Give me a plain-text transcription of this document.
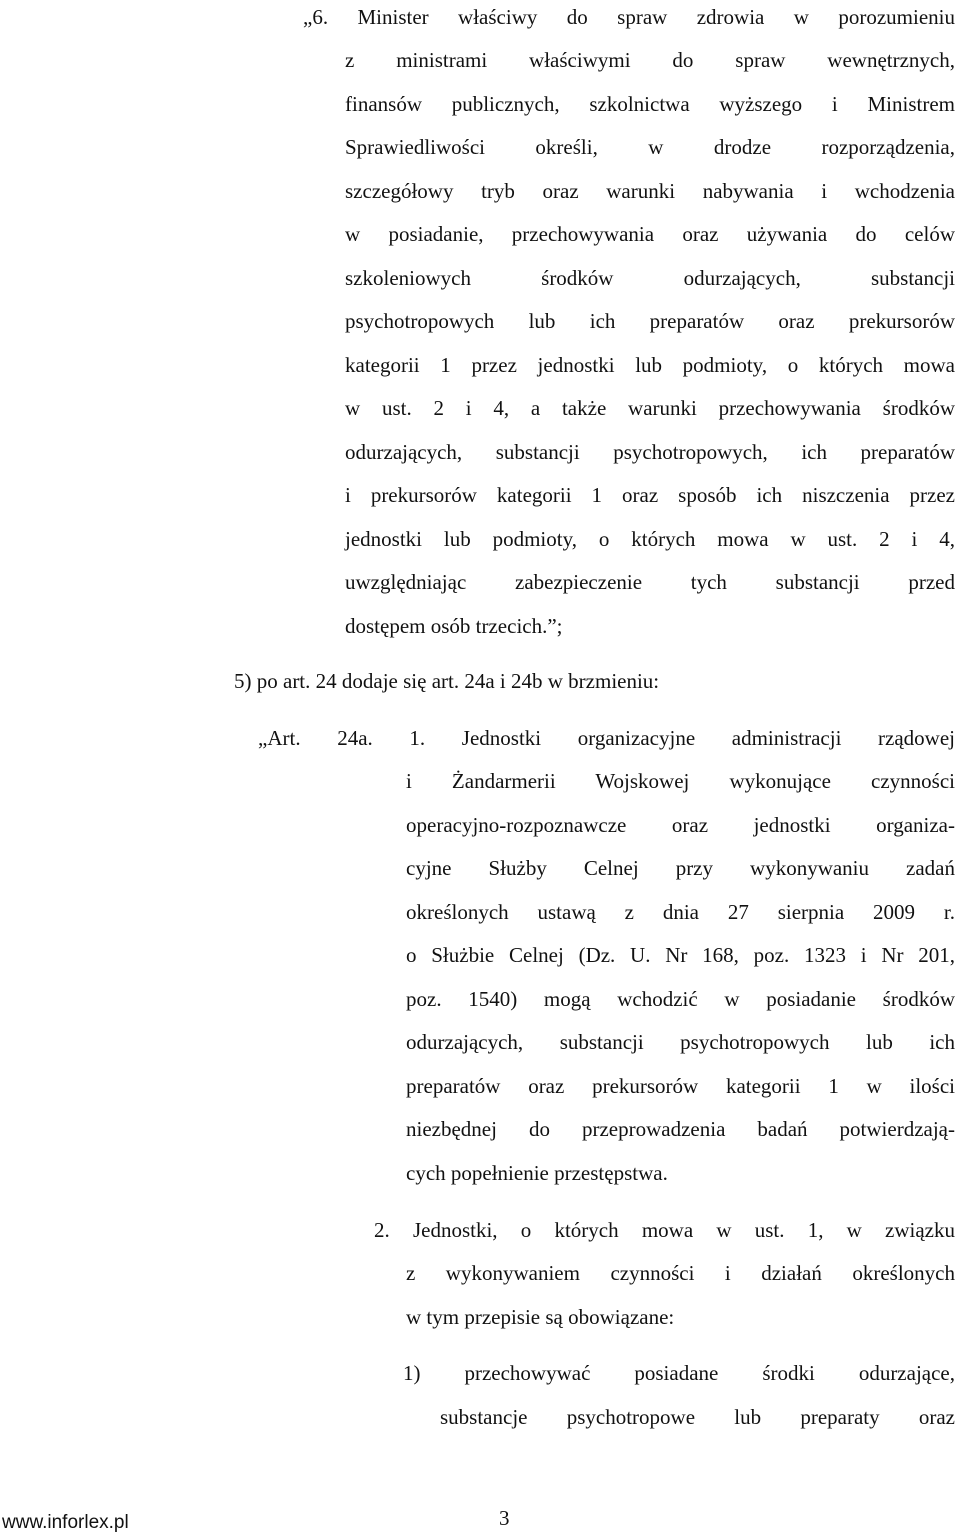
„6. Minister właściwy do spraw zdrowia w porozumieniu

z ministrami właściwymi do spraw wewnętrznych,

finansów publicznych, szkolnictwa wyższego i Ministrem

Sprawiedliwości określi, w drodze rozporządzenia,

szczegółowy tryb oraz warunki nabywania i wchodzenia

w posiadanie, przechowywania oraz używania do celów

szkoleniowych środków odurzających, substancji

psychotropowych lub ich preparatów oraz prekursorów

kategorii 1 przez jednostki lub podmioty, o których mowa

w ust. 2 i 4, a także warunki przechowywania środków

odurzających, substancji psychotropowych, ich preparatów

i prekursorów kategorii 1 oraz sposób ich niszczenia przez

jednostki lub podmioty, o których mowa w ust. 2 i 4,

uwzględniając zabezpieczenie tych substancji przed

dostępem osób trzecich.”;

5) po art. 24 dodaje się art. 24a i 24b w brzmieniu:

„Art. 24a. 1. Jednostki organizacyjne administracji rządowej

i Żandarmerii Wojskowej wykonujące czynności

operacyjno-rozpoznawcze oraz jednostki organiza-

cyjne Służby Celnej przy wykonywaniu zadań

określonych ustawą z dnia 27 sierpnia 2009 r.

o Służbie Celnej (Dz. U. Nr 168, poz. 1323 i Nr 201,

poz. 1540) mogą wchodzić w posiadanie środków

odurzających, substancji psychotropowych lub ich

preparatów oraz prekursorów kategorii 1 w ilości

niezbędnej do przeprowadzenia badań potwierdzają-

cych popełnienie przestępstwa.

2. Jednostki, o których mowa w ust. 1, w związku

z wykonywaniem czynności i działań określonych

w tym przepisie są obowiązane:

1) przechowywać posiadane środki odurzające,

substancje psychotropowe lub preparaty oraz

www.inforlex.pl	3
